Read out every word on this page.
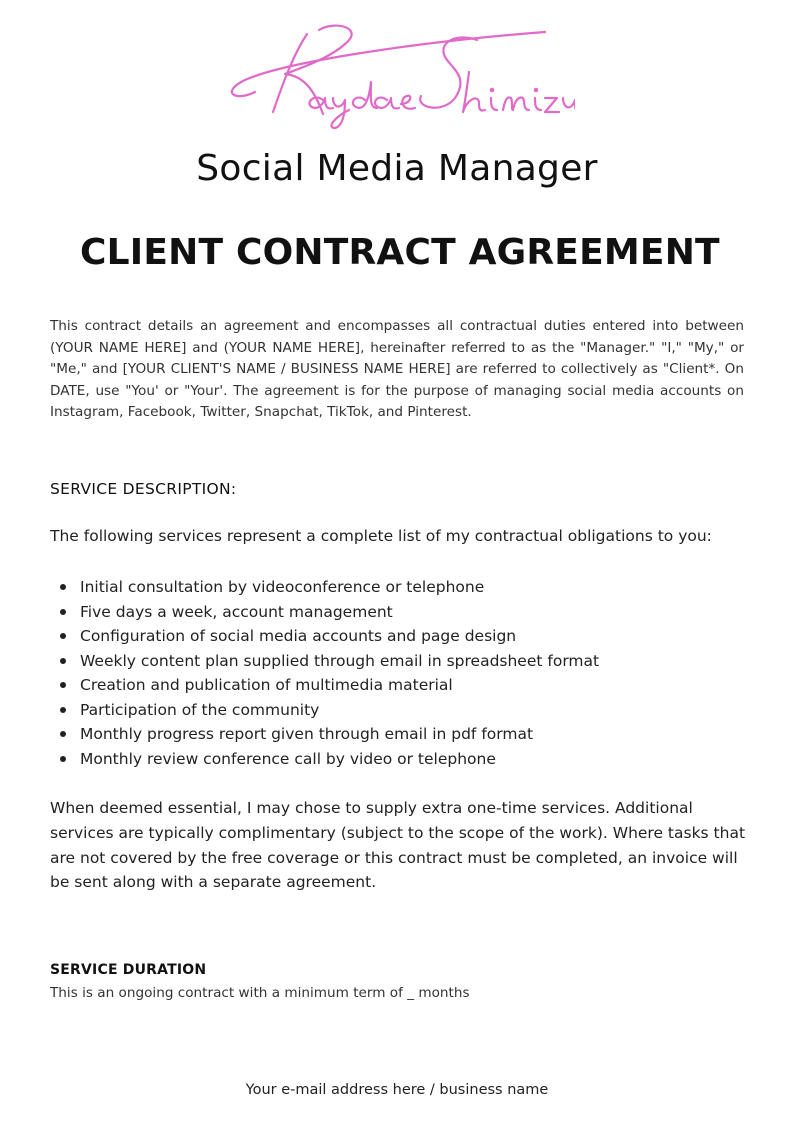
Social Media Manager
CLIENT CONTRACT AGREEMENT

This contract details an agreement and encompasses all contractual duties entered into between (YOUR NAME HERE] and (YOUR NAME HERE], hereinafter referred to as the "Manager." "I," "My," or "Me," and [YOUR CLIENT'S NAME / BUSINESS NAME HERE] are referred to collectively as "Client*. On DATE, use "You' or "Your'. The agreement is for the purpose of managing social media accounts on Instagram, Facebook, Twitter, Snapchat, TikTok, and Pinterest.

SERVICE DESCRIPTION:

The following services represent a complete list of my contractual obligations to you:

Initial consultation by videoconference or telephone
Five days a week, account management
Configuration of social media accounts and page design
Weekly content plan supplied through email in spreadsheet format
Creation and publication of multimedia material
Participation of the community
Monthly progress report given through email in pdf format
Monthly review conference call by video or telephone

When deemed essential, I may chose to supply extra one-time services. Additional services are typically complimentary (subject to the scope of the work). Where tasks that are not covered by the free coverage or this contract must be completed, an invoice will be sent along with a separate agreement.

SERVICE DURATION

This is an ongoing contract with a minimum term of _ months

Your e-mail address here / business name
